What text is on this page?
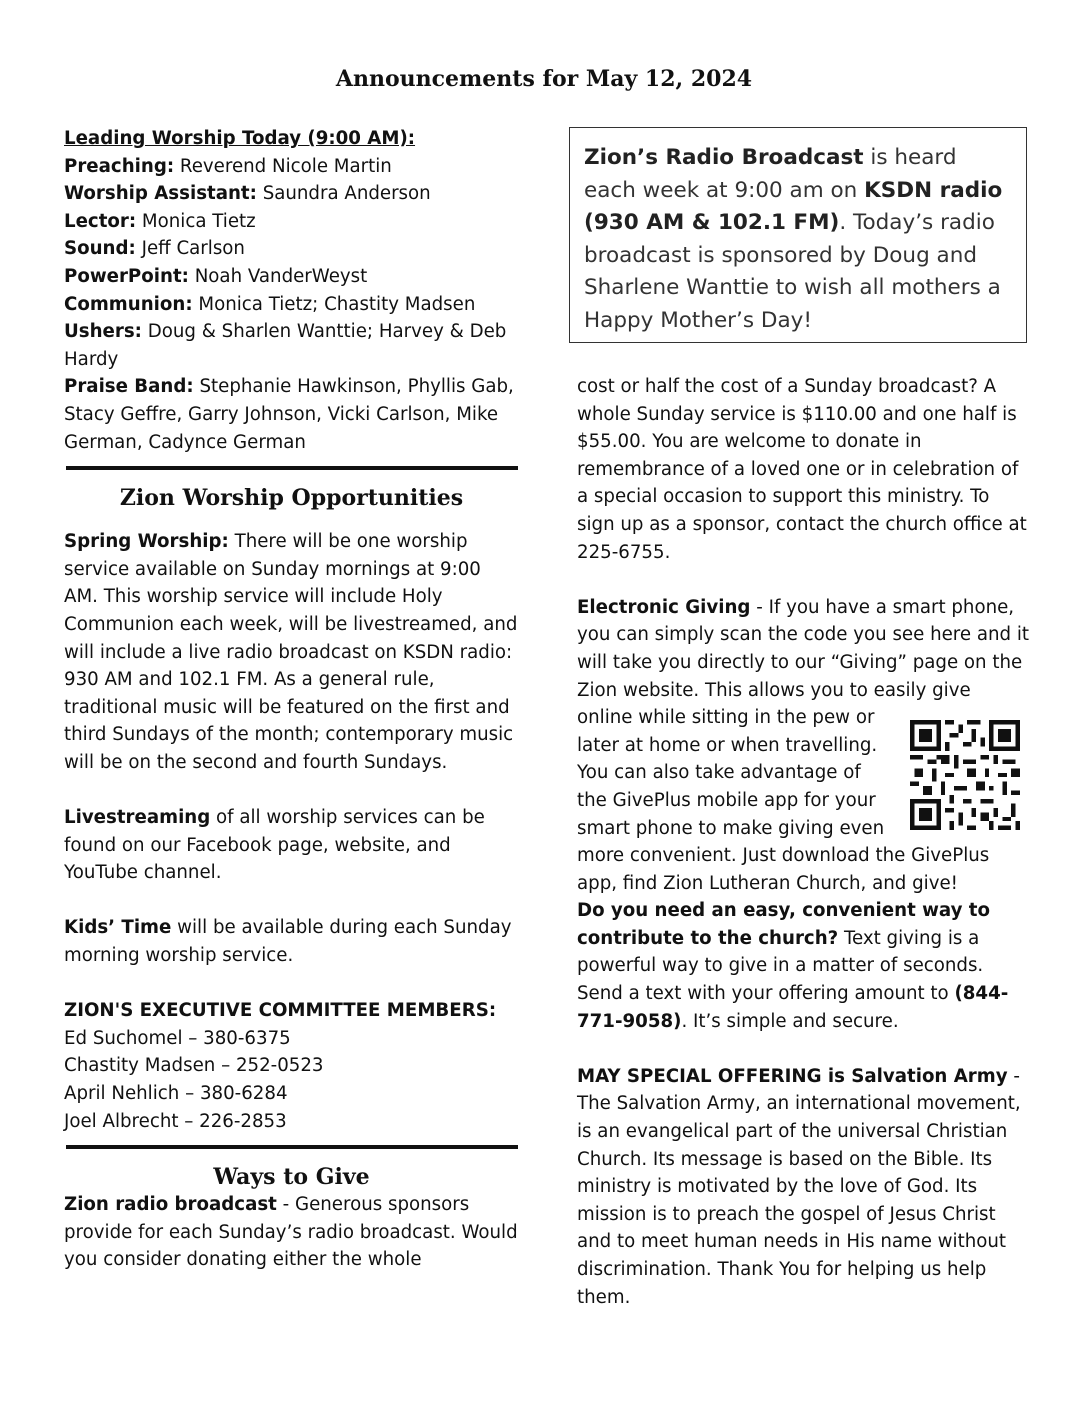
Announcements for May 12, 2024

Leading Worship Today (9:00 AM):

Preaching: Reverend Nicole Martin

Worship Assistant: Saundra Anderson

Lector: Monica Tietz

Sound: Jeff Carlson

PowerPoint: Noah VanderWeyst

Communion: Monica Tietz; Chastity Madsen

Ushers: Doug & Sharlen Wanttie; Harvey & Deb Hardy

Praise Band: Stephanie Hawkinson, Phyllis Gab, Stacy Geffre, Garry Johnson, Vicki Carlson, Mike German, Cadynce German

Zion Worship Opportunities

Spring Worship: There will be one worship service available on Sunday mornings at 9:00 AM. This worship service will include Holy Communion each week, will be livestreamed, and will include a live radio broadcast on KSDN radio: 930 AM and 102.1 FM. As a general rule, traditional music will be featured on the first and third Sundays of the month; contemporary music will be on the second and fourth Sundays.

Livestreaming of all worship services can be found on our Facebook page, website, and YouTube channel.

Kids’ Time will be available during each Sunday morning worship service.

ZION'S EXECUTIVE COMMITTEE MEMBERS:

Ed Suchomel – 380-6375

Chastity Madsen – 252-0523

April Nehlich – 380-6284

Joel Albrecht – 226-2853

Ways to Give

Zion radio broadcast - Generous sponsors provide for each Sunday’s radio broadcast. Would you consider donating either the whole

Zion’s Radio Broadcast is heard each week at 9:00 am on KSDN radio (930 AM & 102.1 FM). Today’s radio broadcast is sponsored by Doug and Sharlene Wanttie to wish all mothers a Happy Mother’s Day!

cost or half the cost of a Sunday broadcast? A whole Sunday service is $110.00 and one half is $55.00. You are welcome to donate in remembrance of a loved one or in celebration of a special occasion to support this ministry. To sign up as a sponsor, contact the church office at 225-6755.

Electronic Giving - If you have a smart phone, you can simply scan the code you see here and it will take you directly to our “Giving” page on the Zion website. This allows you to easily give

online while sitting in the pew or

later at home or when travelling.

You can also take advantage of

the GivePlus mobile app for your

smart phone to make giving even

more convenient. Just download the GivePlus app, find Zion Lutheran Church, and give!

Do you need an easy, convenient way to contribute to the church? Text giving is a powerful way to give in a matter of seconds. Send a text with your offering amount to (844-771-9058). It’s simple and secure.

MAY SPECIAL OFFERING is Salvation Army - The Salvation Army, an international movement, is an evangelical part of the universal Christian Church. Its message is based on the Bible. Its ministry is motivated by the love of God. Its mission is to preach the gospel of Jesus Christ and to meet human needs in His name without discrimination. Thank You for helping us help them.
